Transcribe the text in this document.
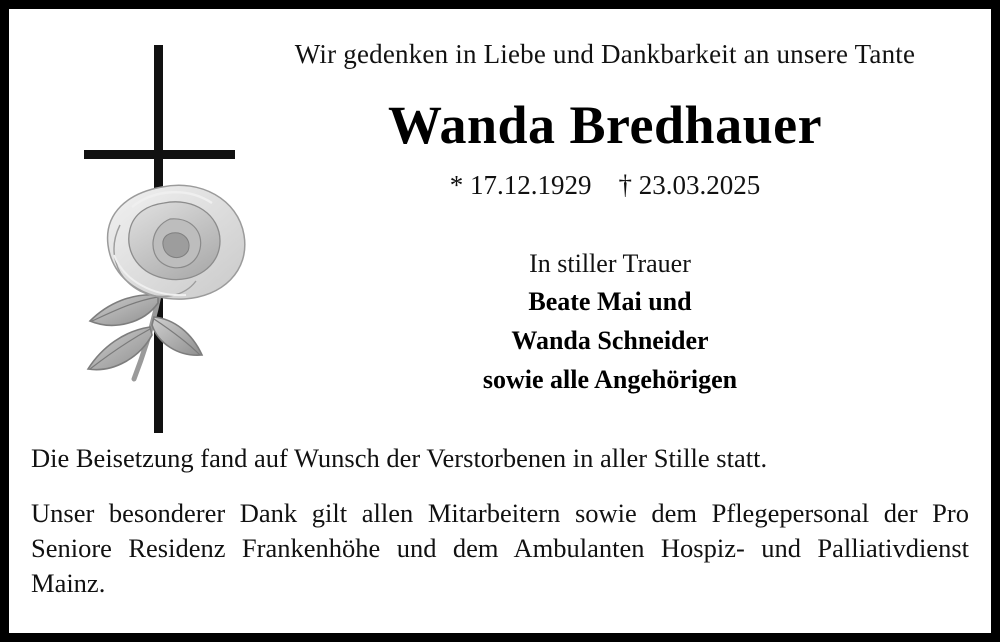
Wir gedenken in Liebe und Dankbarkeit an unsere Tante
Wanda Bredhauer
* 17.12.1929    † 23.03.2025
In stiller Trauer
Beate Mai und
Wanda Schneider
sowie alle Angehörigen
Die Beisetzung fand auf Wunsch der Verstorbenen in aller Stille statt.
Unser besonderer Dank gilt allen Mitarbeitern sowie dem Pflegepersonal der Pro Seniore Residenz Frankenhöhe und dem Ambulanten Hospiz- und Palliativdienst Mainz.
